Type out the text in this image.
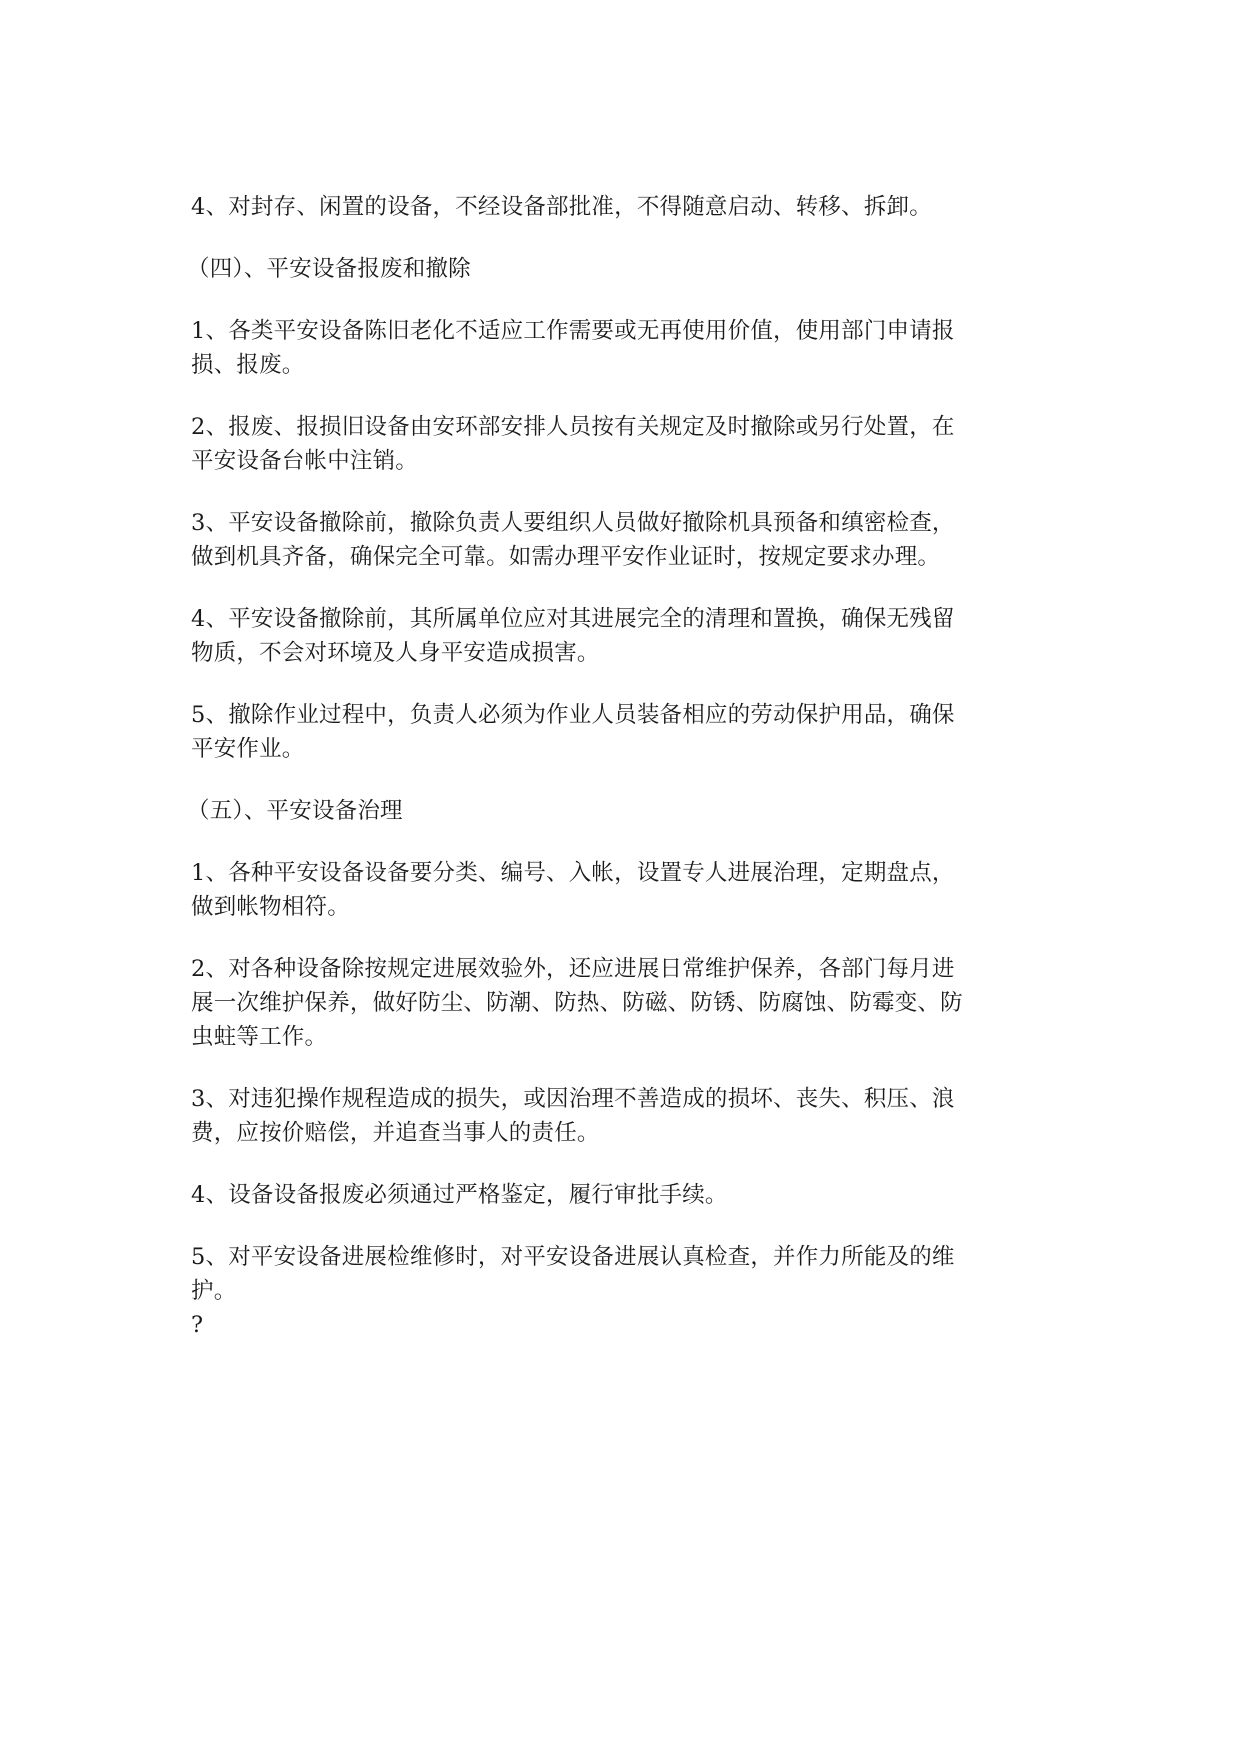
4、对封存、闲置的设备，不经设备部批准，不得随意启动、转移、拆卸。

（四）、平安设备报废和撤除

1、各类平安设备陈旧老化不适应工作需要或无再使用价值，使用部门申请报
损、报废。

2、报废、报损旧设备由安环部安排人员按有关规定及时撤除或另行处置，在
平安设备台帐中注销。

3、平安设备撤除前，撤除负责人要组织人员做好撤除机具预备和缜密检查，
做到机具齐备，确保完全可靠。如需办理平安作业证时，按规定要求办理。

4、平安设备撤除前，其所属单位应对其进展完全的清理和置换，确保无残留
物质，不会对环境及人身平安造成损害。

5、撤除作业过程中，负责人必须为作业人员装备相应的劳动保护用品，确保
平安作业。

（五）、平安设备治理

1、各种平安设备设备要分类、编号、入帐，设置专人进展治理，定期盘点，
做到帐物相符。

2、对各种设备除按规定进展效验外，还应进展日常维护保养，各部门每月进
展一次维护保养，做好防尘、防潮、防热、防磁、防锈、防腐蚀、防霉变、防
虫蛀等工作。

3、对违犯操作规程造成的损失，或因治理不善造成的损坏、丧失、积压、浪
费，应按价赔偿，并追查当事人的责任。

4、设备设备报废必须通过严格鉴定，履行审批手续。

5、对平安设备进展检维修时，对平安设备进展认真检查，并作力所能及的维
护。

?
